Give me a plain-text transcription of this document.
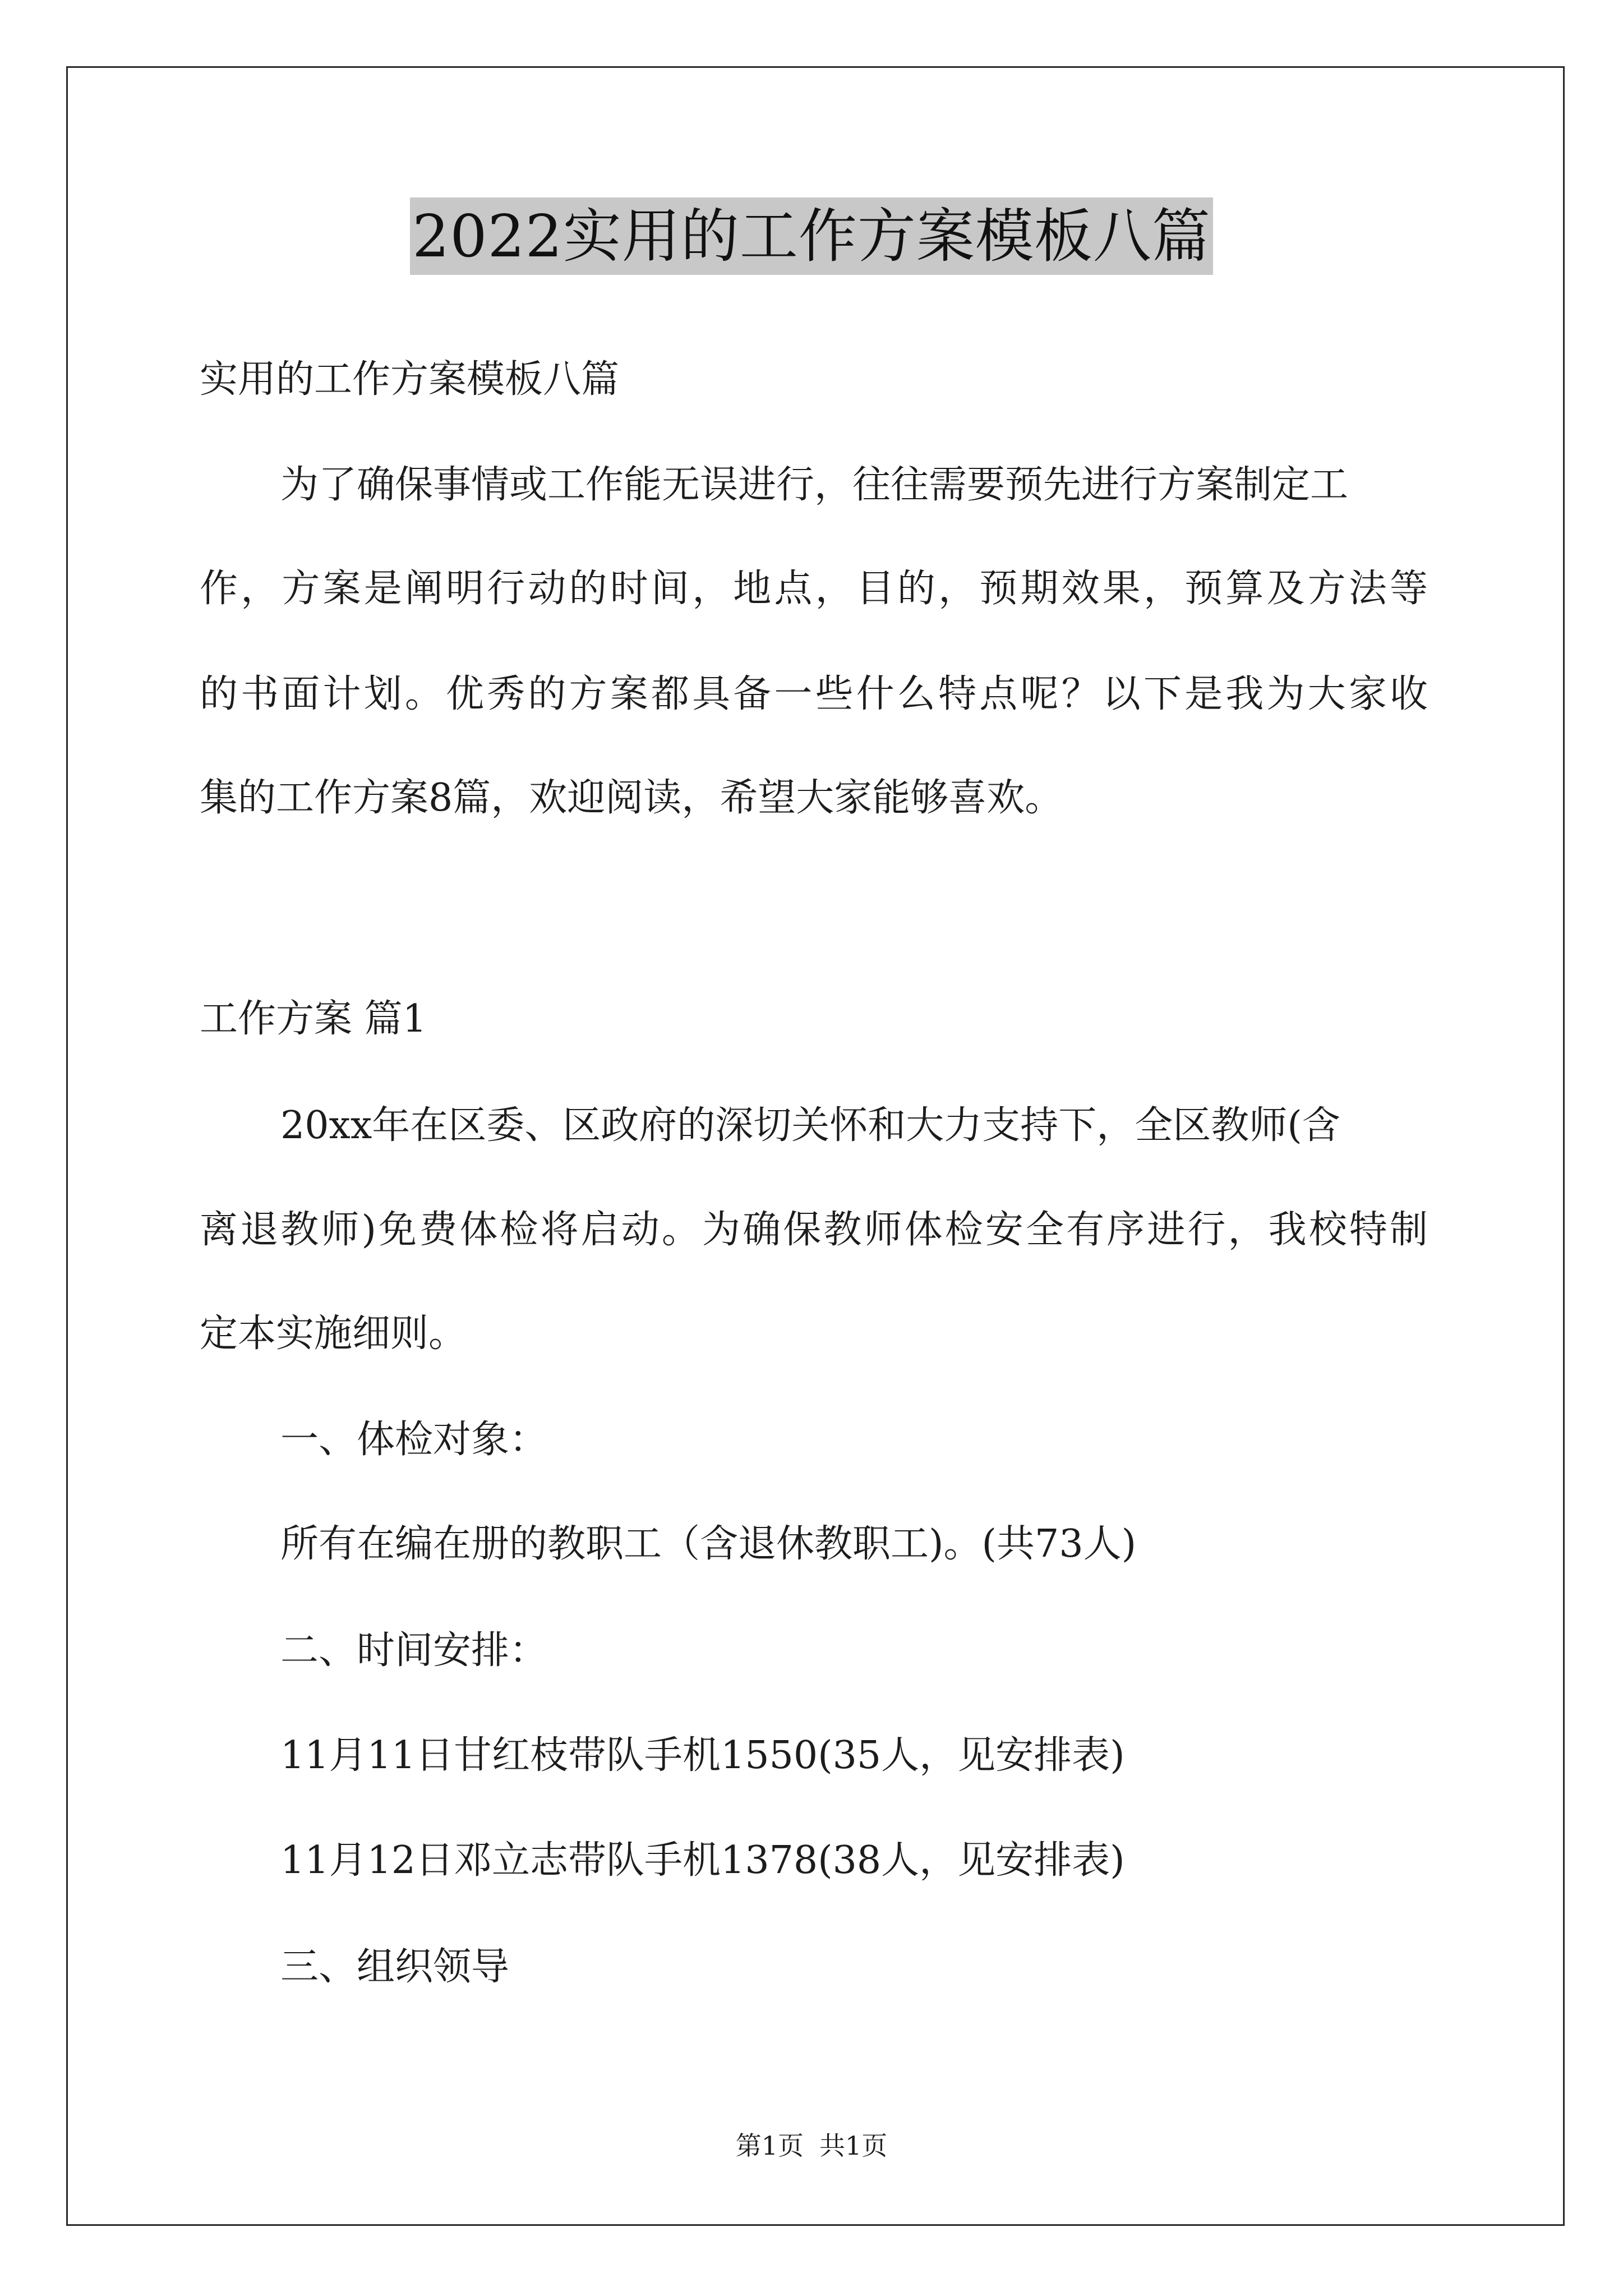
2022实用的工作方案模板八篇
实用的工作方案模板八篇
为了确保事情或工作能无误进行，往往需要预先进行方案制定工
作，方案是阐明行动的时间，地点，目的，预期效果，预算及方法等
的书面计划。优秀的方案都具备一些什么特点呢？以下是我为大家收
集的工作方案8篇，欢迎阅读，希望大家能够喜欢。
工作方案 篇1
20xx年在区委、区政府的深切关怀和大力支持下，全区教师(含
离退教师)免费体检将启动。为确保教师体检安全有序进行，我校特制
定本实施细则。
一、体检对象：
所有在编在册的教职工（含退休教职工)。(共73人)
二、时间安排：
11月11日甘红枝带队手机1550(35人，见安排表)
11月12日邓立志带队手机1378(38人，见安排表)
三、组织领导
第1页 共1页
